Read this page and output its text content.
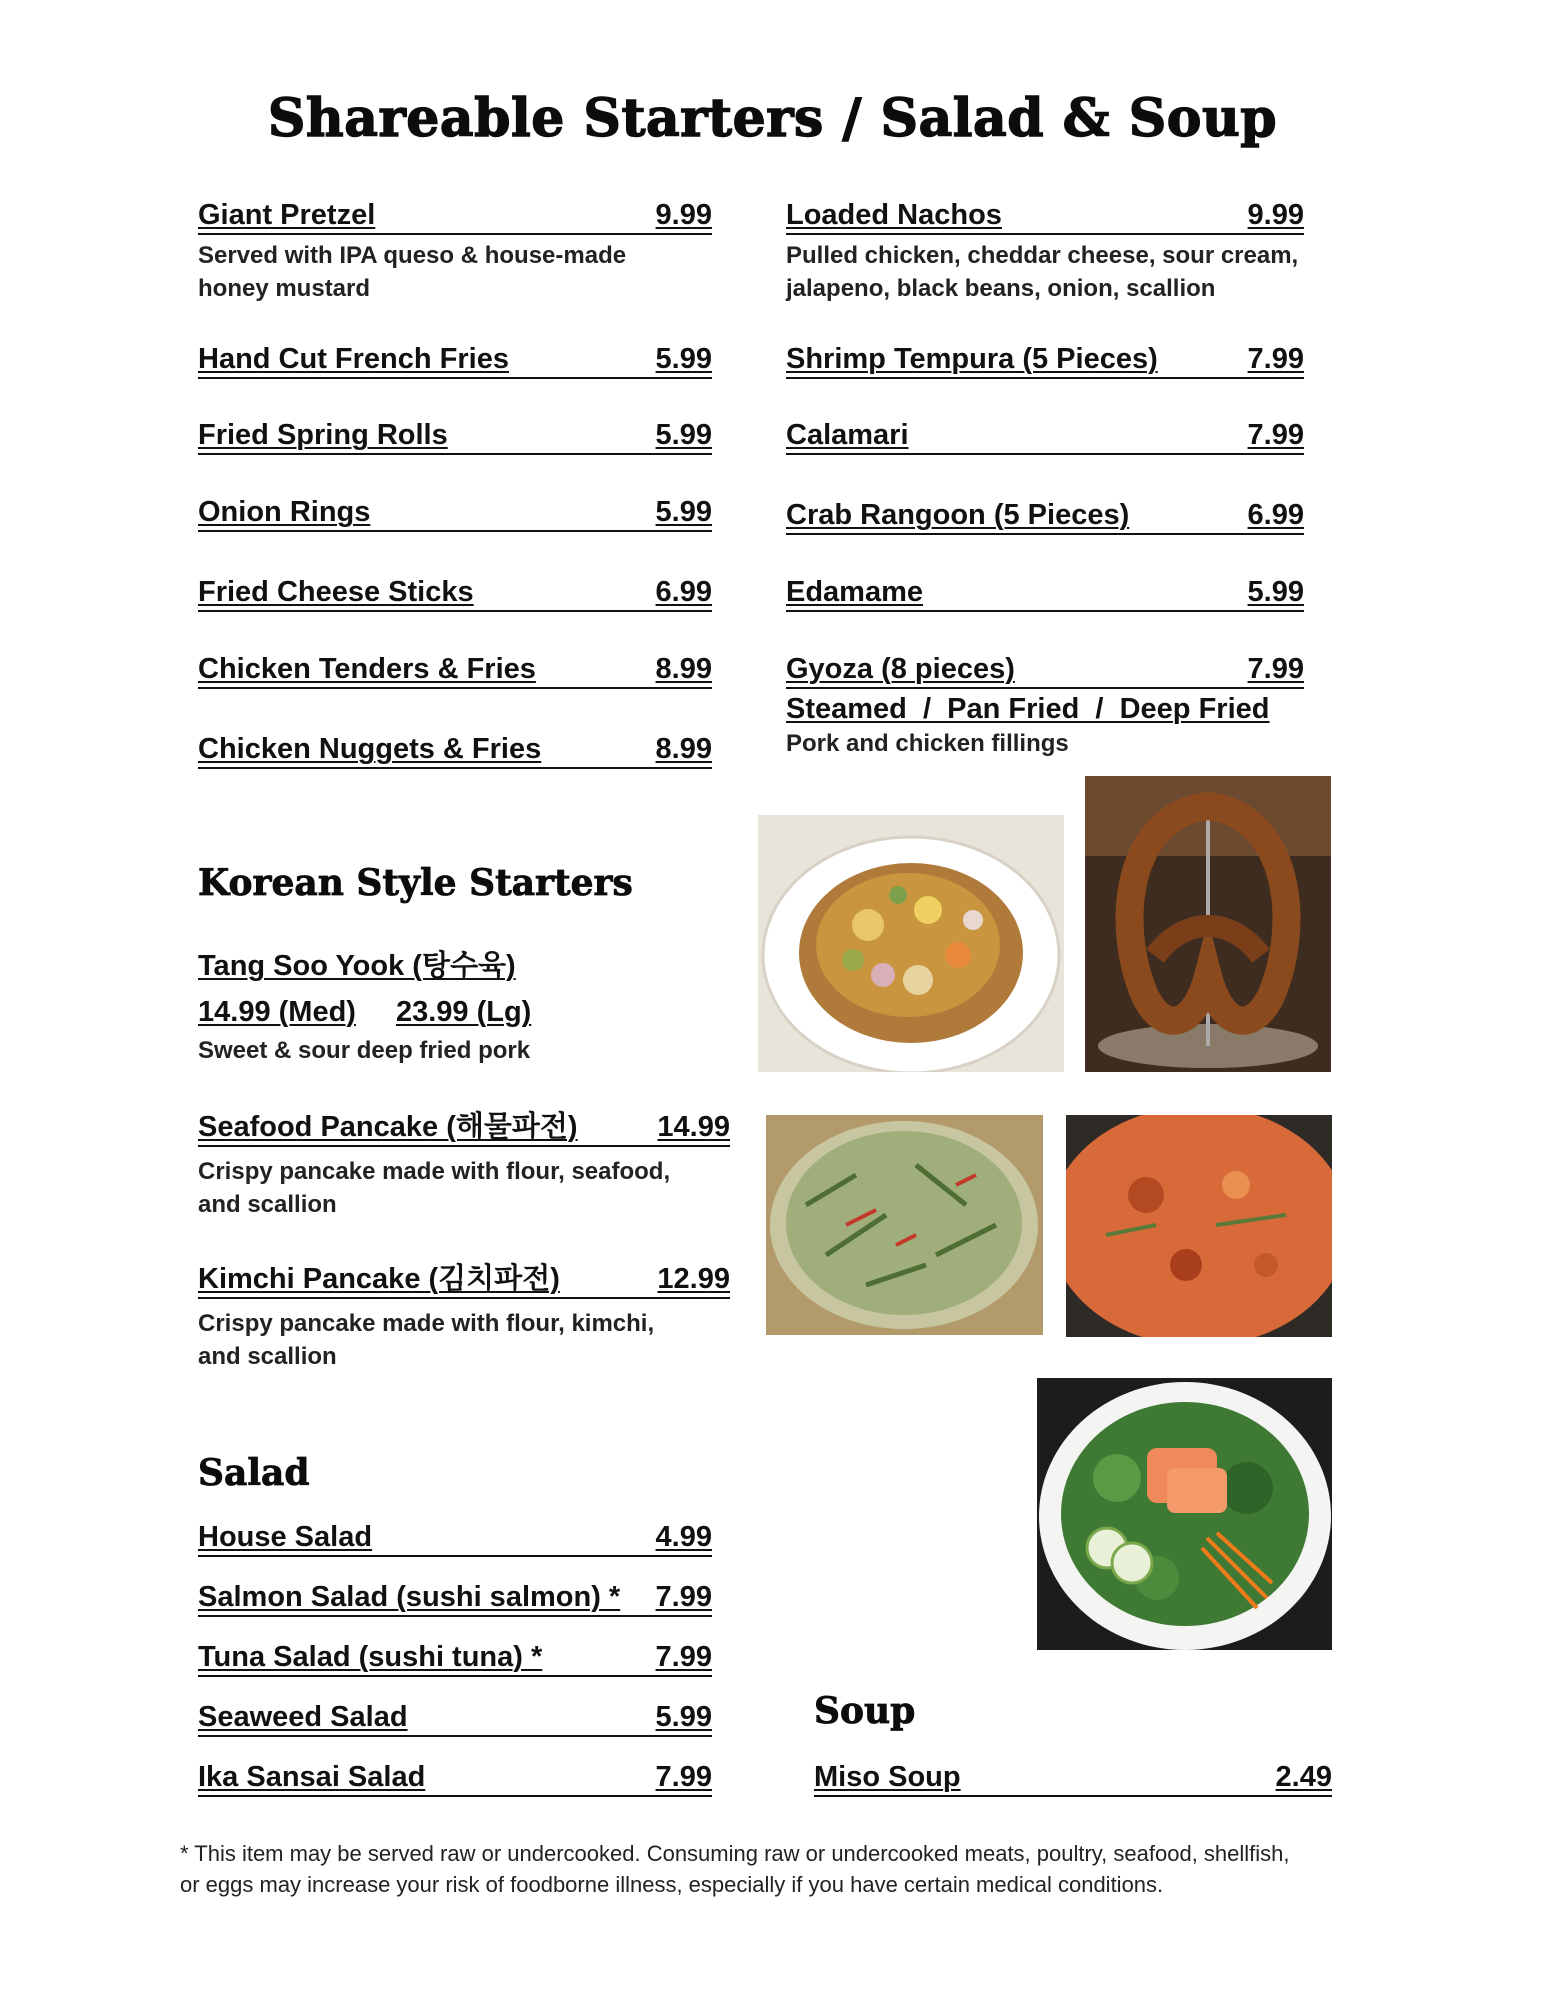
Shareable Starters / Salad & Soup
Giant Pretzel	9.99
Served with IPA queso & house-made
honey mustard
Hand Cut French Fries	5.99
Fried Spring Rolls	5.99
Onion Rings	5.99
Fried Cheese Sticks	6.99
Chicken Tenders & Fries	8.99
Chicken Nuggets & Fries	8.99
Loaded Nachos	9.99
Pulled chicken, cheddar cheese, sour cream,
jalapeno, black beans, onion, scallion
Shrimp Tempura (5 Pieces)	7.99
Calamari	7.99
Crab Rangoon (5 Pieces)	6.99
Edamame	5.99
Gyoza (8 pieces)	7.99
Steamed  /  Pan Fried  /  Deep Fried
Pork and chicken fillings
Korean Style Starters
Tang Soo Yook (탕수육)
14.99 (Med) 23.99 (Lg)
Sweet & sour deep fried pork
Seafood Pancake (해물파전)	14.99
Crispy pancake made with flour, seafood,
and scallion
Kimchi Pancake (김치파전)	12.99
Crispy pancake made with flour, kimchi,
and scallion
Salad
House Salad	4.99
Salmon Salad (sushi salmon) * 7.99
Tuna Salad (sushi tuna) *	7.99
Seaweed Salad	5.99
Ika Sansai Salad	7.99
Soup
Miso Soup	2.49
* This item may be served raw or undercooked. Consuming raw or undercooked meats, poultry, seafood, shellfish,
or eggs may increase your risk of foodborne illness, especially if you have certain medical conditions.
